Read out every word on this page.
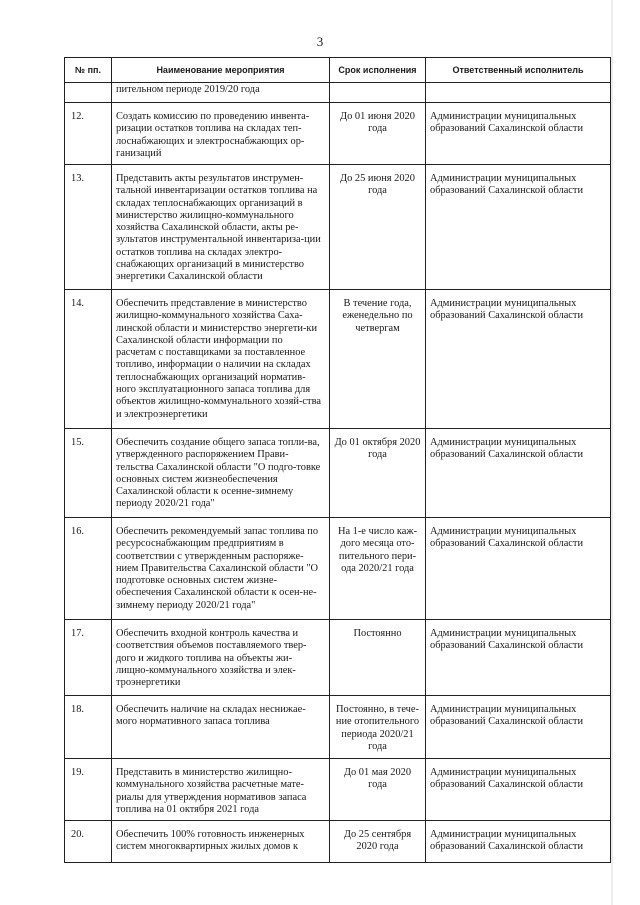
3
№ пп.	Наименование мероприятия	Срок исполнения	Ответственный исполнитель
	пительном периоде 2019/20 года		
12.	Создать комиссию по проведению инвента-ризации остатков топлива на складах теп-лоснабжающих и электроснабжающих ор-ганизаций	До 01 июня 2020 года	Администрации муниципальных образований Сахалинской области
13.	Представить акты результатов инструмен-тальной инвентаризации остатков топлива на складах теплоснабжающих организаций в министерство жилищно-коммунального хозяйства Сахалинской области, акты ре-зультатов инструментальной инвентаризa-ции остатков топлива на складах электро-снабжающих организаций в министерство энергетики Сахалинской области	До 25 июня 2020 года	Администрации муниципальных образований Сахалинской области
14.	Обеспечить представление в министерство жилищно-коммунального хозяйства Саха-линской области и министерство энергети-ки Сахалинской области информации по расчетам с поставщиками за поставленное топливо, информации о наличии на складах теплоснабжающих организаций норматив-ного эксплуатационного запаса топлива для объектов жилищно-коммунального хозяй-ства и электроэнергетики	В течение года, еженедельно по четвергам	Администрации муниципальных образований Сахалинской области
15.	Обеспечить создание общего запаса топли-ва, утвержденного распоряжением Прави-тельства Сахалинской области "О подго-товке основных систем жизнеобеспечения Сахалинской области к осенне-зимнему периоду 2020/21 года"	До 01 октября 2020 года	Администрации муниципальных образований Сахалинской области
16.	Обеспечить рекомендуемый запас топлива по ресурсоснабжающим предприятиям в соответствии с утвержденным распоряже-нием Правительства Сахалинской области "О подготовке основных систем жизне-обеспечения Сахалинской области к осен-не-зимнему периоду 2020/21 года"	На 1-е число каж-дого месяца ото-пительного пери-ода 2020/21 года	Администрации муниципальных образований Сахалинской области
17.	Обеспечить входной контроль качества и соответствия объемов поставляемого твер-дого и жидкого топлива на объекты жи-лищно-коммунального хозяйства и элек-троэнергетики	Постоянно	Администрации муниципальных образований Сахалинской области
18.	Обеспечить наличие на складах неснижае-мого нормативного запаса топлива	Постоянно, в тече-ние отопительного периода 2020/21 года	Администрации муниципальных образований Сахалинской области
19.	Представить в министерство жилищно-коммунального хозяйства расчетные мате-риалы для утверждения нормативов запаса топлива на 01 октября 2021 года	До 01 мая 2020 года	Администрации муниципальных образований Сахалинской области
20.	Обеспечить 100% готовность инженерных систем многоквартирных жилых домов к	До 25 сентября 2020 года	Администрации муниципальных образований Сахалинской области
